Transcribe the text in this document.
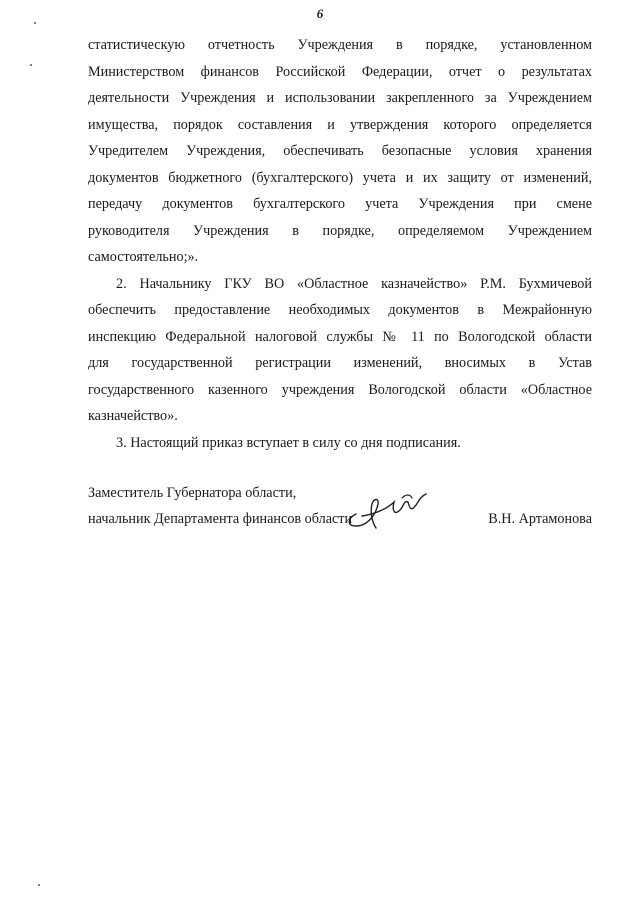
6

статистическую отчетность Учреждения в порядке, установленном
Министерством финансов Российской Федерации, отчет о результатах
деятельности Учреждения и использовании закрепленного за Учреждением
имущества, порядок составления и утверждения которого определяется
Учредителем Учреждения, обеспечивать безопасные условия хранения
документов бюджетного (бухгалтерского) учета и их защиту от изменений,
передачу документов бухгалтерского учета Учреждения при смене
руководителя Учреждения в порядке, определяемом Учреждением
самостоятельно;».

2. Начальнику ГКУ ВО «Областное казначейство» Р.М. Бухмичевой
обеспечить предоставление необходимых документов в Межрайонную
инспекцию Федеральной налоговой службы № 11 по Вологодской области
для государственной регистрации изменений, вносимых в Устав
государственного казенного учреждения Вологодской области «Областное
казначейство».

3. Настоящий приказ вступает в силу со дня подписания.

Заместитель Губернатора области,
начальник Департамента финансов области	В.Н. Артамонова
